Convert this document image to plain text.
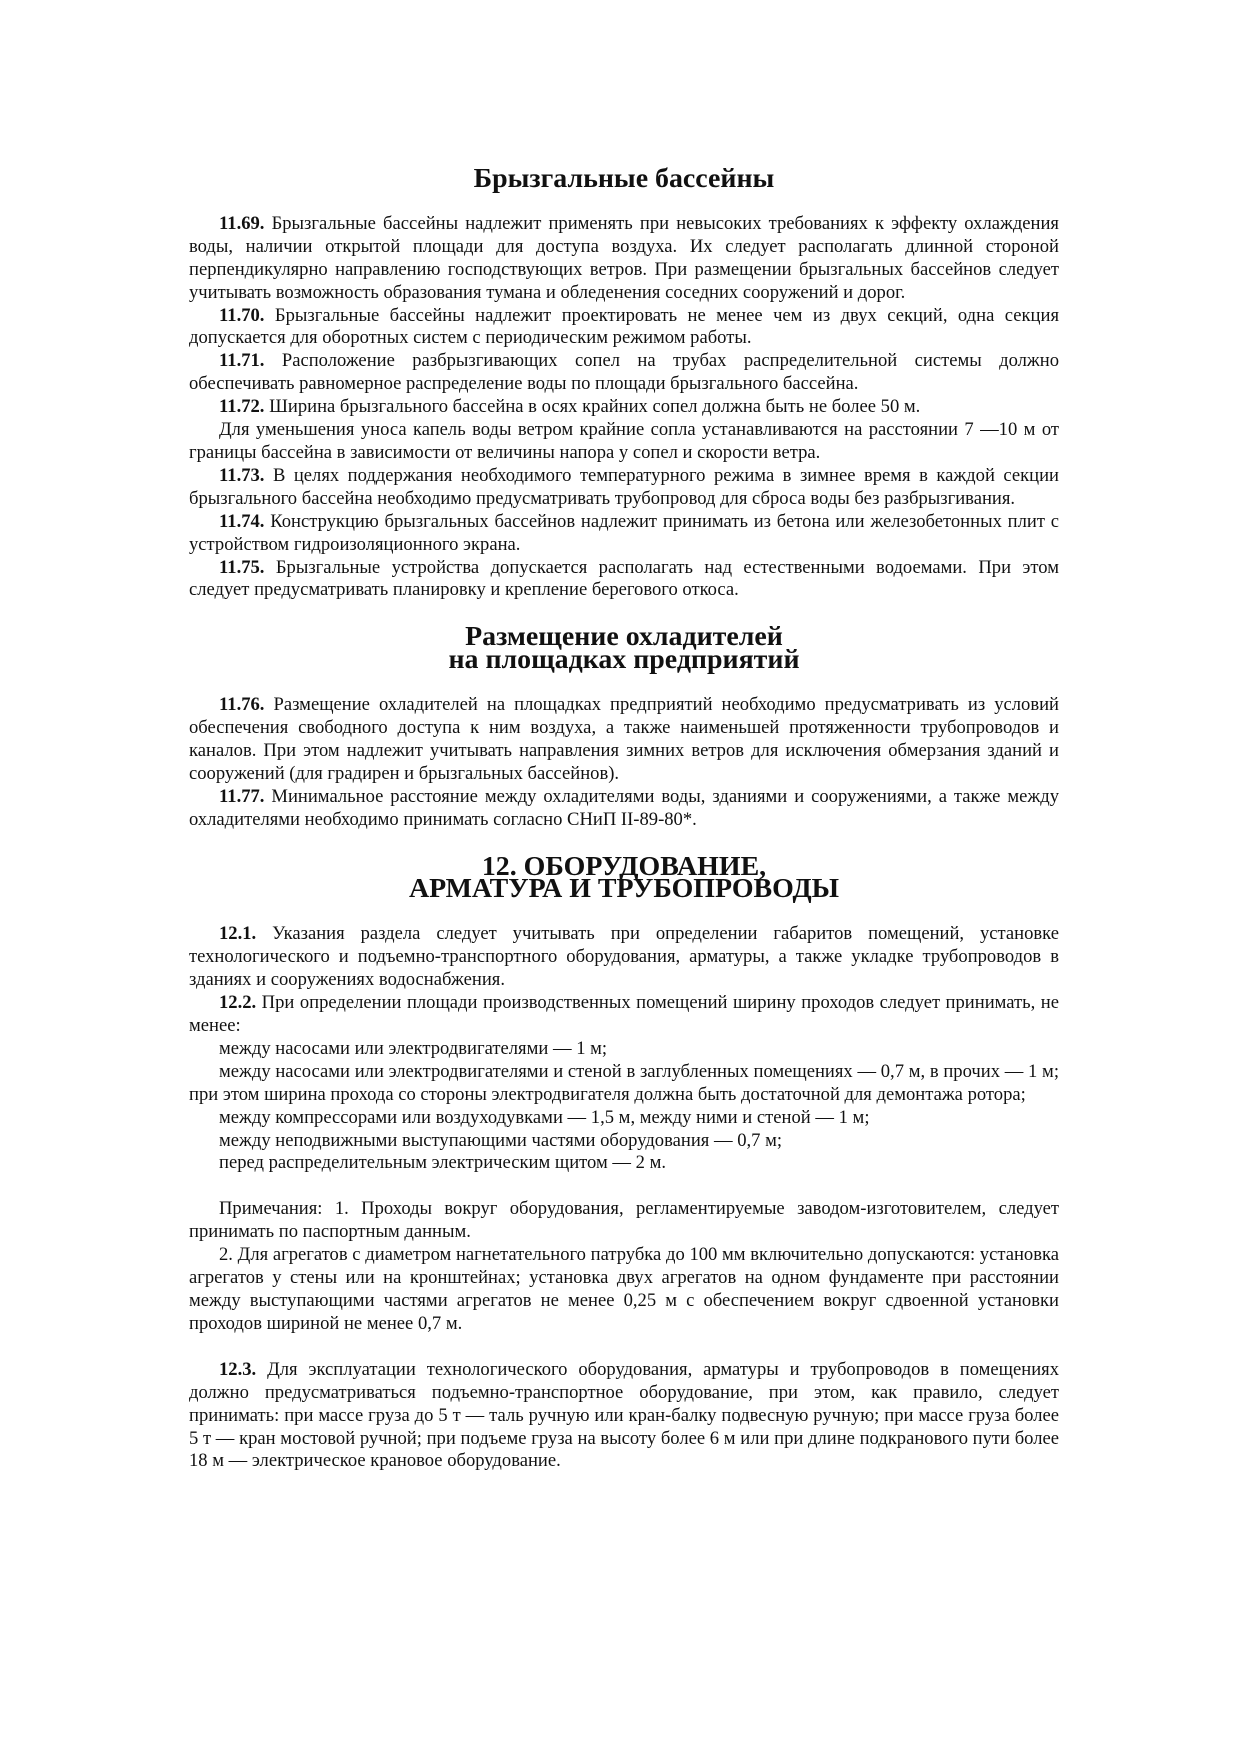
Брызгальные бассейны

11.69. Брызгальные бассейны надлежит применять при невысоких требованиях к эффекту охлаждения воды, наличии открытой площади для доступа воздуха. Их следует располагать длинной стороной перпендикулярно направлению господствующих ветров. При размещении брызгальных бассейнов следует учитывать возможность образования тумана и обледенения соседних сооружений и дорог.

11.70. Брызгальные бассейны надлежит проектировать не менее чем из двух секций, одна секция допускается для оборотных систем с периодическим режимом работы.

11.71. Расположение разбрызгивающих сопел на трубах распределительной системы должно обеспечивать равномерное распределение воды по площади брызгального бассейна.

11.72. Ширина брызгального бассейна в осях крайних сопел должна быть не более 50 м.

Для уменьшения уноса капель воды ветром крайние сопла устанавливаются на расстоянии 7 —10 м от границы бассейна в зависимости от величины напора у сопел и скорости ветра.

11.73. В целях поддержания необходимого температурного режима в зимнее время в каждой секции брызгального бассейна необходимо предусматривать трубопровод для сброса воды без разбрызгивания.

11.74. Конструкцию брызгальных бассейнов надлежит принимать из бетона или железобетонных плит с устройством гидроизоляционного экрана.

11.75. Брызгальные устройства допускается располагать над естественными водоемами. При этом следует предусматривать планировку и крепление берегового откоса.

Размещение охладителей
на площадках предприятий

11.76. Размещение охладителей на площадках предприятий необходимо предусматривать из условий обеспечения свободного доступа к ним воздуха, а также наименьшей протяженности трубопроводов и каналов. При этом надлежит учитывать направления зимних ветров для исключения обмерзания зданий и сооружений (для градирен и брызгальных бассейнов).

11.77. Минимальное расстояние между охладителями воды, зданиями и сооружениями, а также между охладителями необходимо принимать согласно СНиП II-89-80*.

12. ОБОРУДОВАНИЕ,
АРМАТУРА И ТРУБОПРОВОДЫ

12.1. Указания раздела следует учитывать при определении габаритов помещений, установке технологического и подъемно-транспортного оборудования, арматуры, а также укладке трубопроводов в зданиях и сооружениях водоснабжения.

12.2. При определении площади производственных помещений ширину проходов следует принимать, не менее:

между насосами или электродвигателями — 1 м;

между насосами или электродвигателями и стеной в заглубленных помещениях — 0,7 м, в прочих — 1 м; при этом ширина прохода со стороны электродвигателя должна быть достаточной для демонтажа ротора;

между компрессорами или воздуходувками — 1,5 м, между ними и стеной — 1 м;

между неподвижными выступающими частями оборудования — 0,7 м;

перед распределительным электрическим щитом — 2 м.

Примечания: 1. Проходы вокруг оборудования, регламентируемые заводом-изготовителем, следует принимать по паспортным данным.

2. Для агрегатов с диаметром нагнетательного патрубка до 100 мм включительно допускаются: установка агрегатов у стены или на кронштейнах; установка двух агрегатов на одном фундаменте при расстоянии между выступающими частями агрегатов не менее 0,25 м с обеспечением вокруг сдвоенной установки проходов шириной не менее 0,7 м.

12.3. Для эксплуатации технологического оборудования, арматуры и трубопроводов в помещениях должно предусматриваться подъемно-транспортное оборудование, при этом, как правило, следует принимать: при массе груза до 5 т — таль ручную или кран-балку подвесную ручную; при массе груза более 5 т — кран мостовой ручной; при подъеме груза на высоту более 6 м или при длине подкранового пути более 18 м — электрическое крановое оборудование.
